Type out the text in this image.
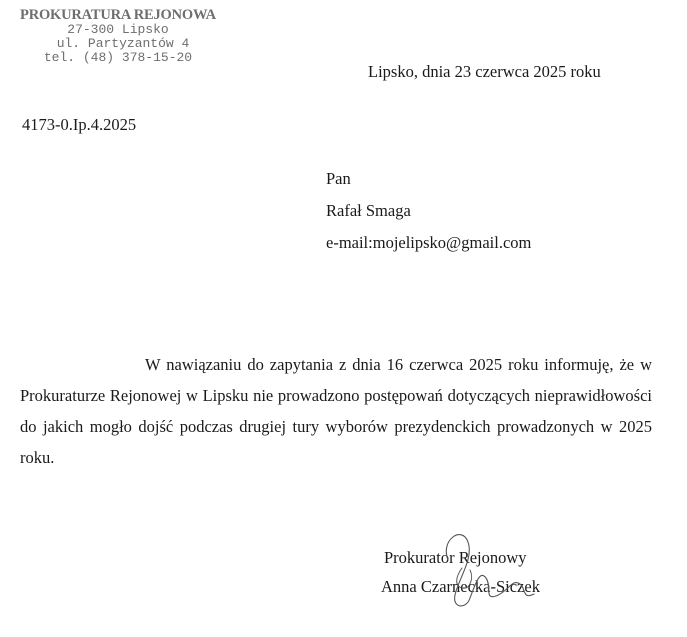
PROKURATURA REJONOWA
27-300 Lipsko
ul. Partyzantów 4
tel. (48) 378-15-20
Lipsko, dnia 23 czerwca 2025 roku
4173-0.Ip.4.2025
Pan
Rafał Smaga
e-mail:mojelipsko@gmail.com
W nawiązaniu do zapytania z dnia 16 czerwca 2025 roku informuję, że w Prokuraturze Rejonowej w Lipsku nie prowadzono postępowań dotyczących nieprawidłowości do jakich mogło dojść podczas drugiej tury wyborów prezydenckich prowadzonych w 2025 roku.
Prokurator Rejonowy
Anna Czarnecka-Siczek
